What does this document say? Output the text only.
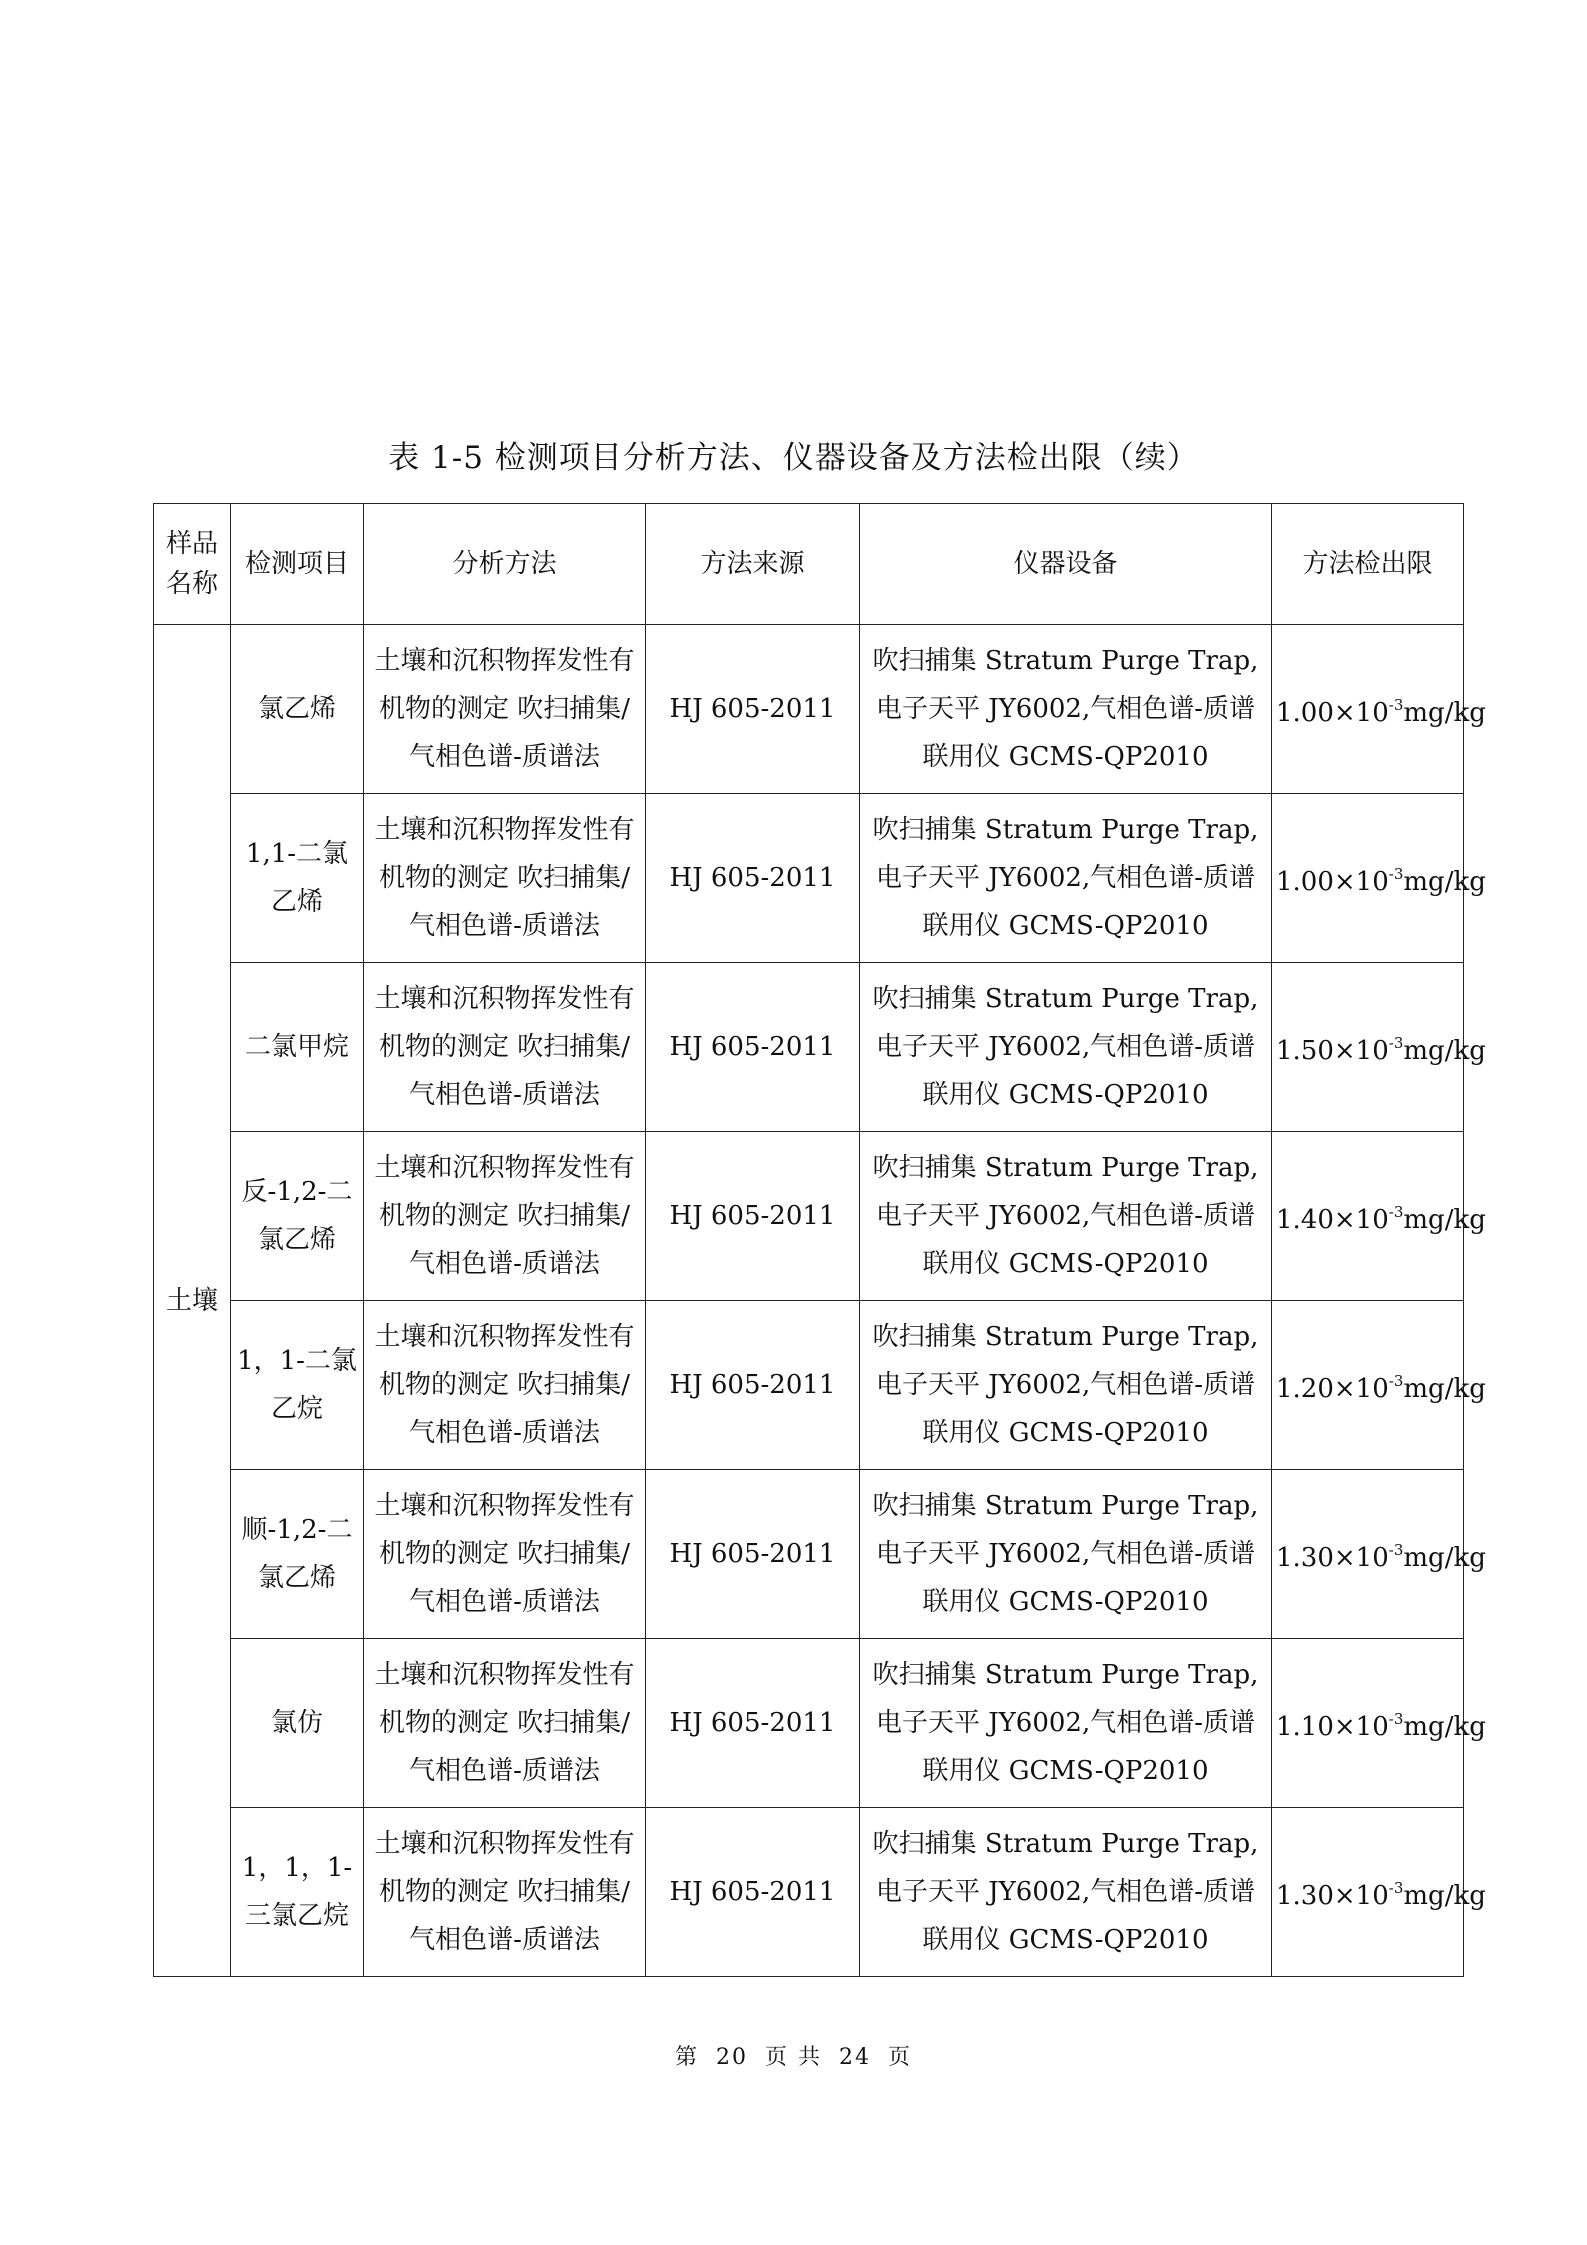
表 1-5 检测项目分析方法、仪器设备及方法检出限（续）
样品名称	检测项目	分析方法	方法来源	仪器设备	方法检出限

土壤	氯乙烯	土壤和沉积物挥发性有机物的测定 吹扫捕集/气相色谱-质谱法	HJ 605-2011	吹扫捕集 Stratum Purge Trap,电子天平 JY6002,气相色谱-质谱联用仪 GCMS-QP2010	$1.00\times 10^{-3}mg/kg$

	1,1-二氯乙烯	土壤和沉积物挥发性有机物的测定 吹扫捕集/气相色谱-质谱法	HJ 605-2011	吹扫捕集 Stratum Purge Trap,电子天平 JY6002,气相色谱-质谱联用仪 GCMS-QP2010	$1.00\times 10^{-3}mg/kg$

	二氯甲烷	土壤和沉积物挥发性有机物的测定 吹扫捕集/气相色谱-质谱法	HJ 605-2011	吹扫捕集 Stratum Purge Trap,电子天平 JY6002,气相色谱-质谱联用仪 GCMS-QP2010	$1.50\times 10^{-3}mg/kg$

	反-1,2-二氯乙烯	土壤和沉积物挥发性有机物的测定 吹扫捕集/气相色谱-质谱法	HJ 605-2011	吹扫捕集 Stratum Purge Trap,电子天平 JY6002,气相色谱-质谱联用仪 GCMS-QP2010	$1.40\times 10^{-3}mg/kg$

	1，1-二氯乙烷	土壤和沉积物挥发性有机物的测定 吹扫捕集/气相色谱-质谱法	HJ 605-2011	吹扫捕集 Stratum Purge Trap,电子天平 JY6002,气相色谱-质谱联用仪 GCMS-QP2010	$1.20\times 10^{-3}mg/kg$

	顺-1,2-二氯乙烯	土壤和沉积物挥发性有机物的测定 吹扫捕集/气相色谱-质谱法	HJ 605-2011	吹扫捕集 Stratum Purge Trap,电子天平 JY6002,气相色谱-质谱联用仪 GCMS-QP2010	$1.30\times 10^{-3}mg/kg$

	氯仿	土壤和沉积物挥发性有机物的测定 吹扫捕集/气相色谱-质谱法	HJ 605-2011	吹扫捕集 Stratum Purge Trap,电子天平 JY6002,气相色谱-质谱联用仪 GCMS-QP2010	$1.10\times 10^{-3}mg/kg$

	1，1，1-三氯乙烷	土壤和沉积物挥发性有机物的测定 吹扫捕集/气相色谱-质谱法	HJ 605-2011	吹扫捕集 Stratum Purge Trap,电子天平 JY6002,气相色谱-质谱联用仪 GCMS-QP2010	$1.30\times 10^{-3}mg/kg$
第 20 页 共 24 页
